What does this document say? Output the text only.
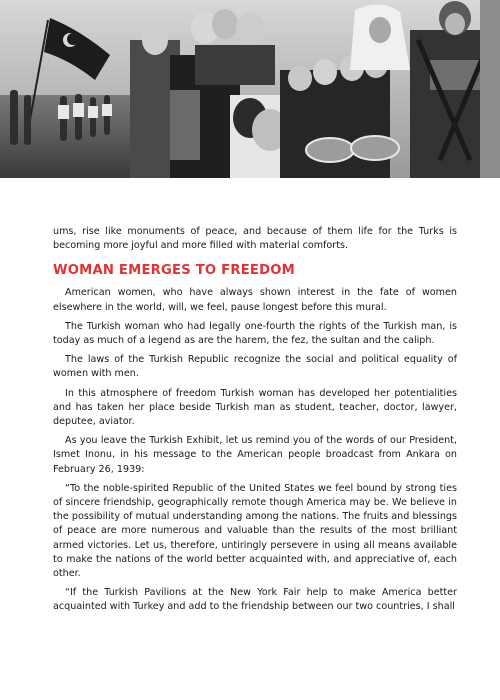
ums, rise like monuments of peace, and because of them life for the Turks is becoming more joyful and more filled with material comforts.

WOMAN EMERGES TO FREEDOM

American women, who have always shown interest in the fate of women elsewhere in the world, will, we feel, pause longest before this mural.

The Turkish woman who had legally one-fourth the rights of the Turkish man, is today as much of a legend as are the harem, the fez, the sultan and the caliph.

The laws of the Turkish Republic recognize the social and political equality of women with men.

In this atmosphere of freedom Turkish woman has developed her potentialities and has taken her place beside Turkish man as student, teacher, doctor, lawyer, deputee, aviator.

As you leave the Turkish Exhibit, let us remind you of the words of our President, Ismet Inonu, in his message to the American people broadcast from Ankara on February 26, 1939:

“To the noble-spirited Republic of the United States we feel bound by strong ties of sincere friendship, geographically remote though America may be. We believe in the possibility of mutual understanding among the nations. The fruits and blessings of peace are more numerous and valuable than the results of the most brilliant armed victories. Let us, therefore, untiringly persevere in using all means available to make the nations of the world better acquainted with, and appreciative of, each other.

“If the Turkish Pavilions at the New York Fair help to make America better acquainted with Turkey and add to the friendship between our two countries, I shall
